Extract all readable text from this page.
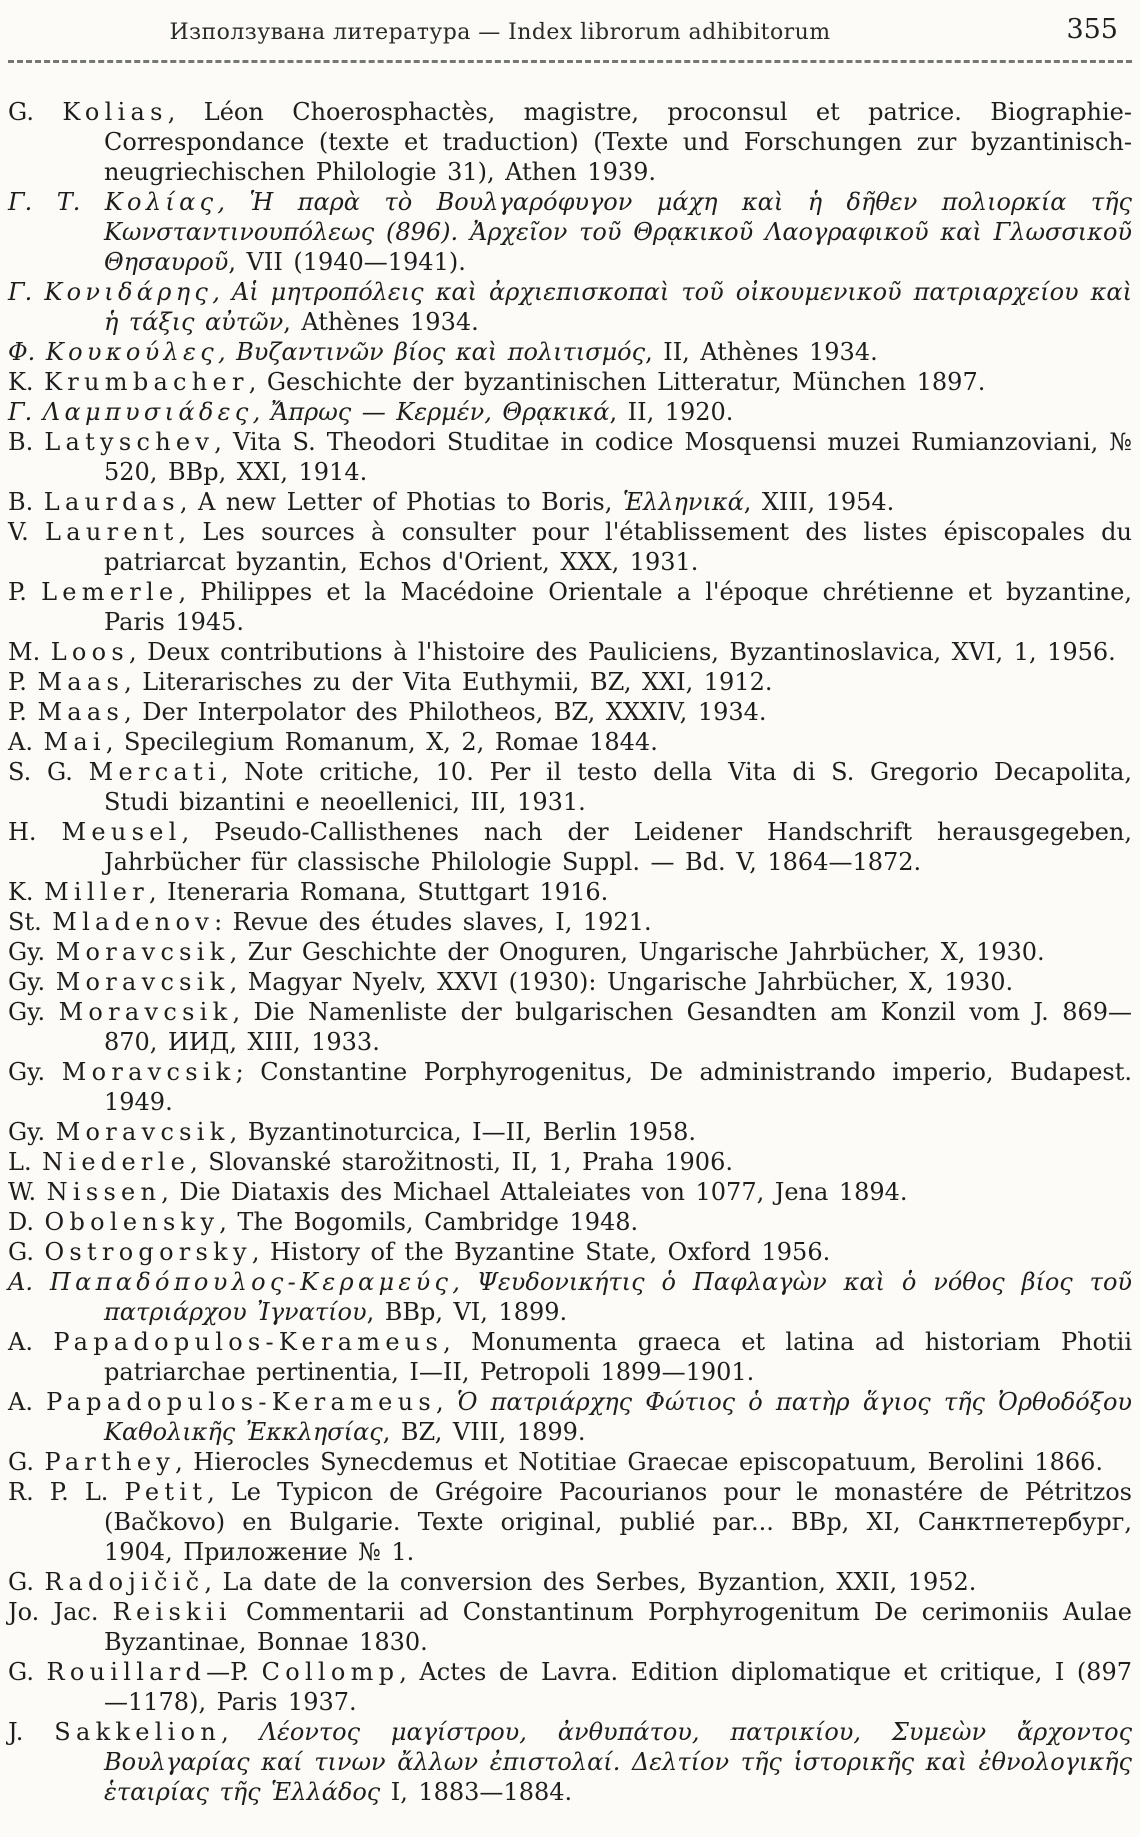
Използувана литература — Index librorum adhibitorum	355

G. Kolias, Léon Choerosphactès, magistre, proconsul et patrice. Biographie-Correspondance (texte et traduction) (Texte und Forschungen zur byzantinisch-neugriechischen Philologie 31), Athen 1939.

Γ. Τ. Κολίας, Ἡ παρὰ τὸ Βουλγαρόφυγον μάχη καὶ ἡ δῆθεν πολιορκία τῆς Κωνσταντινουπόλεως (896). Ἀρχεῖον τοῦ Θρᾳκικοῦ Λαογραφικοῦ καὶ Γλωσσικοῦ Θησαυροῦ, VII (1940—1941).

Γ. Κονιδάρης, Αἱ μητροπόλεις καὶ ἀρχιεπισκοπαὶ τοῦ οἰκουμενικοῦ πατριαρχείου καὶ ἡ τάξις αὐτῶν, Athènes 1934.

Φ. Κουκούλες, Βυζαντινῶν βίος καὶ πολιτισμός, II, Athènes 1934.

K. Krumbacher, Geschichte der byzantinischen Litteratur, München 1897.

Γ. Λαμπυσιάδες, Ἄπρως — Κερμέν, Θρᾳκικά, II, 1920.

B. Latyschev, Vita S. Theodori Studitae in codice Mosquensi muzei Rumianzoviani, № 520, BBp, XXI, 1914.

B. Laurdas, A new Letter of Photias to Boris, Ἑλληνικά, XIII, 1954.

V. Laurent, Les sources à consulter pour l'établissement des listes épiscopales du patriarcat byzantin, Echos d'Orient, XXX, 1931.

P. Lemerle, Philippes et la Macédoine Orientale a l'époque chrétienne et byzantine, Paris 1945.

M. Loos, Deux contributions à l'histoire des Pauliciens, Byzantinoslavica, XVI, 1, 1956.

P. Maas, Literarisches zu der Vita Euthymii, BZ, XXI, 1912.

P. Maas, Der Interpolator des Philotheos, BZ, XXXIV, 1934.

A. Mai, Specilegium Romanum, X, 2, Romae 1844.

S. G. Mercati, Note critiche, 10. Per il testo della Vita di S. Gregorio Decapolita, Studi bizantini e neoellenici, III, 1931.

H. Meusel, Pseudo-Callisthenes nach der Leidener Handschrift herausgegeben, Jahrbücher für classische Philologie Suppl. — Bd. V, 1864—1872.

K. Miller, Iteneraria Romana, Stuttgart 1916.

St. Mladenov: Revue des études slaves, I, 1921.

Gy. Moravcsik, Zur Geschichte der Onoguren, Ungarische Jahrbücher, X, 1930.

Gy. Moravcsik, Magyar Nyelv, XXVI (1930): Ungarische Jahrbücher, X, 1930.

Gy. Moravcsik, Die Namenliste der bulgarischen Gesandten am Konzil vom J. 869—870, ИИД, XIII, 1933.

Gy. Moravcsik; Constantine Porphyrogenitus, De administrando imperio, Budapest. 1949.

Gy. Moravcsik, Byzantinoturcica, I—II, Berlin 1958.

L. Niederle, Slovanské starožitnosti, II, 1, Praha 1906.

W. Nissen, Die Diataxis des Michael Attaleiates von 1077, Jena 1894.

D. Obolensky, The Bogomils, Cambridge 1948.

G. Ostrogorsky, History of the Byzantine State, Oxford 1956.

Α. Παπαδόπουλος-Κεραμεύς, Ψευδονικήτις ὁ Παφλαγὼν καὶ ὁ νόθος βίος τοῦ πατριάρχου Ἰγνατίου, BBp, VI, 1899.

A. Papadopulos-Kerameus, Monumenta graeca et latina ad historiam Photii patriarchae pertinentia, I—II, Petropoli 1899—1901.

A. Papadopulos-Kerameus, Ὁ πατριάρχης Φώτιος ὁ πατὴρ ἅγιος τῆς Ὀρθοδόξου Καθολικῆς Ἐκκλησίας, BZ, VIII, 1899.

G. Parthey, Hierocles Synecdemus et Notitiae Graecae episcopatuum, Berolini 1866.

R. P. L. Petit, Le Typicon de Grégoire Pacourianos pour le monastére de Pétritzos (Bačkovo) en Bulgarie. Texte original, publié par... BBp, XI, Санктпетербург, 1904, Приложение № 1.

G. Radojičič, La date de la conversion des Serbes, Byzantion, XXII, 1952.

Jo. Jac. Reiskii Commentarii ad Constantinum Porphyrogenitum De cerimoniis Aulae Byzantinae, Bonnae 1830.

G. Rouillard—P. Collomp, Actes de Lavra. Edition diplomatique et critique, I (897—1178), Paris 1937.

J. Sakkelion, Λέοντος μαγίστρου, ἀνθυπάτου, πατρικίου, Συμεὼν ἄρχοντος Βουλγαρίας καί τινων ἄλλων ἐπιστολαί. Δελτίον τῆς ἱστορικῆς καὶ ἐθνολογικῆς ἑταιρίας τῆς Ἑλλάδος I, 1883—1884.
